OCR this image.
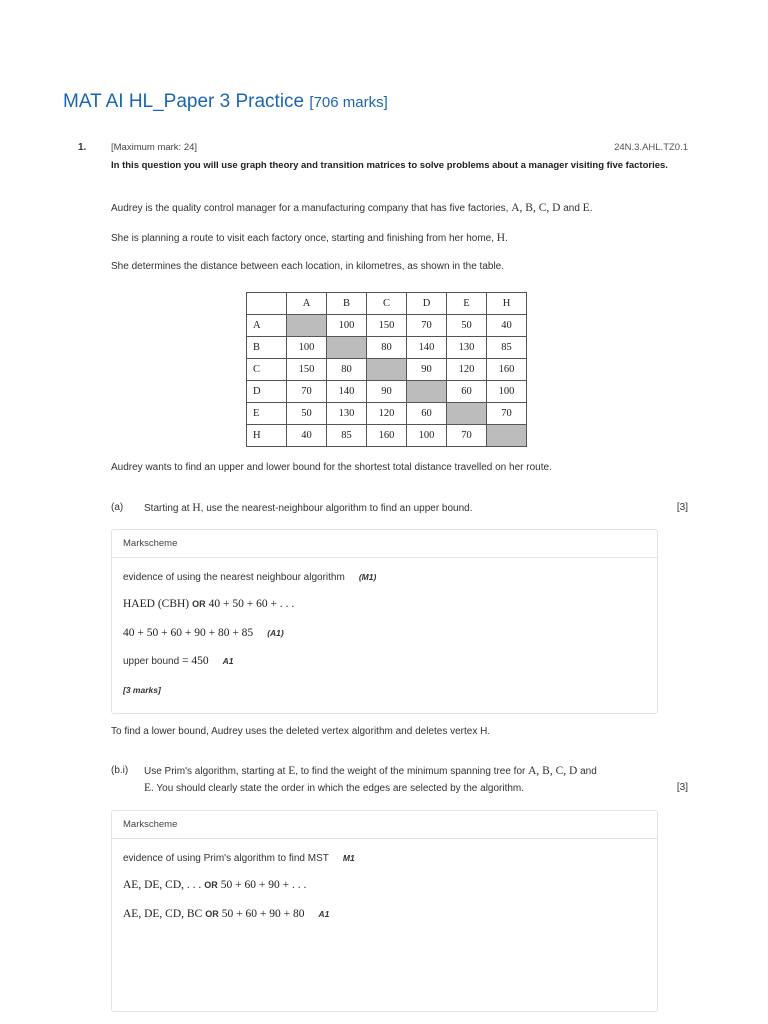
MAT AI HL_Paper 3 Practice [706 marks]
1.	[Maximum mark: 24]	24N.3.AHL.TZ0.1
In this question you will use graph theory and transition matrices to solve problems about a manager visiting five factories.
Audrey is the quality control manager for a manufacturing company that has five factories, A, B, C, D and E.
She is planning a route to visit each factory once, starting and finishing from her home, H.
She determines the distance between each location, in kilometres, as shown in the table.
	A	B	C	D	E	H
A		100	150	70	50	40
B	100		80	140	130	85
C	150	80		90	120	160
D	70	140	90		60	100
E	50	130	120	60		70
H	40	85	160	100	70	
Audrey wants to find an upper and lower bound for the shortest total distance travelled on her route.
(a) Starting at H, use the nearest-neighbour algorithm to find an upper bound.	[3]
Markscheme
evidence of using the nearest neighbour algorithm (M1)
HAED (CBH) OR 40 + 50 + 60 + . . .
40 + 50 + 60 + 90 + 80 + 85 (A1)
upper bound = 450 A1
[3 marks]
To find a lower bound, Audrey uses the deleted vertex algorithm and deletes vertex H.
(b.i) Use Prim's algorithm, starting at E, to find the weight of the minimum spanning tree for A, B, C, D and
E. You should clearly state the order in which the edges are selected by the algorithm.	[3]
Markscheme
evidence of using Prim's algorithm to find MST M1
AE, DE, CD, . . . OR 50 + 60 + 90 + . . .
AE, DE, CD, BC OR 50 + 60 + 90 + 80 A1
